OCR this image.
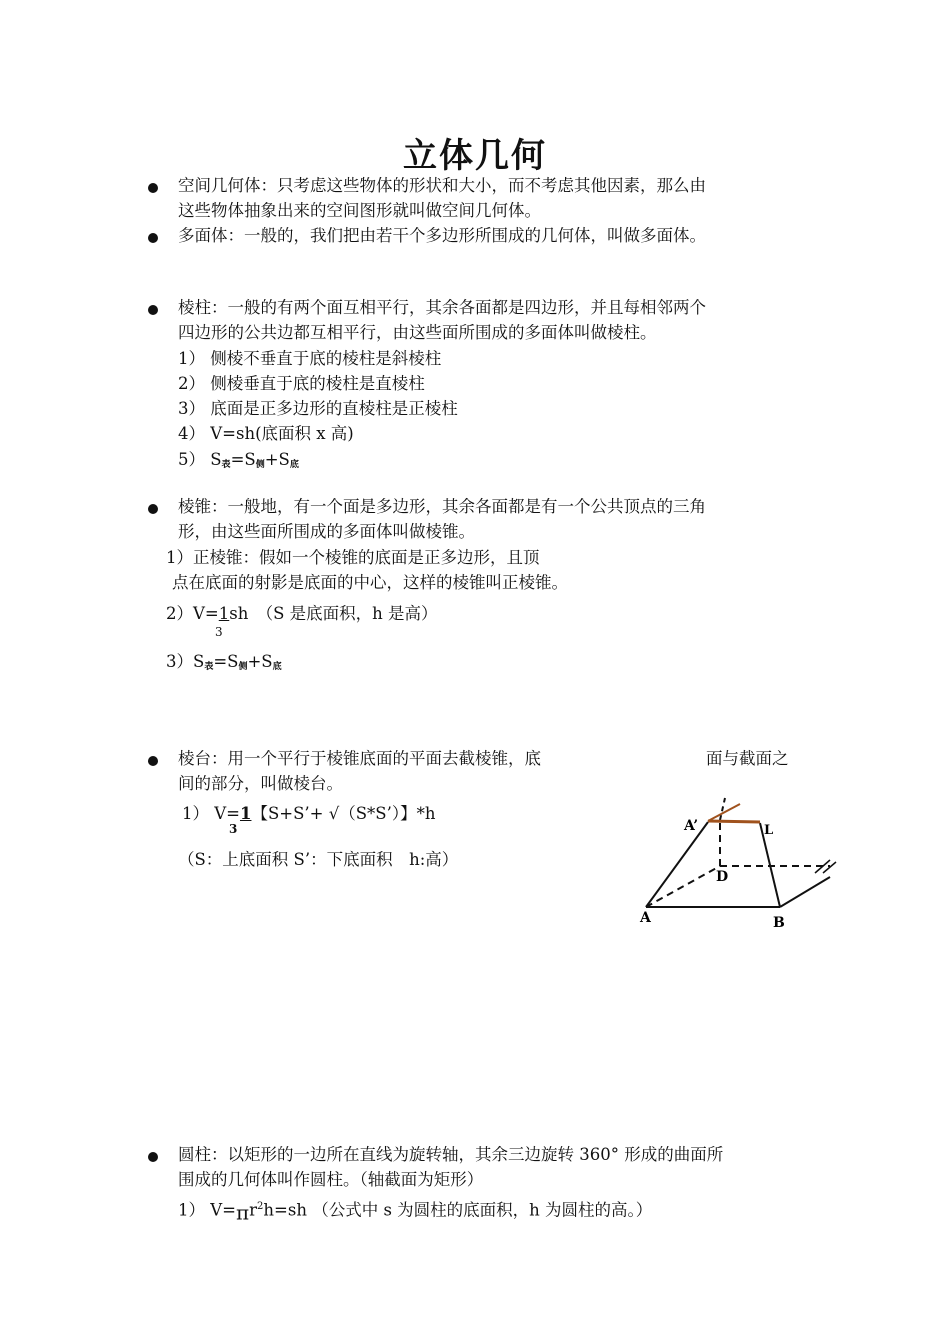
立体几何
空间几何体：只考虑这些物体的形状和大小，而不考虑其他因素，那么由
这些物体抽象出来的空间图形就叫做空间几何体。
多面体：一般的，我们把由若干个多边形所围成的几何体，叫做多面体。
棱柱：一般的有两个面互相平行，其余各面都是四边形，并且每相邻两个
四边形的公共边都互相平行，由这些面所围成的多面体叫做棱柱。
1） 侧棱不垂直于底的棱柱是斜棱柱
2） 侧棱垂直于底的棱柱是直棱柱
3） 底面是正多边形的直棱柱是正棱柱
4） V=sh(底面积 x 高)
5） $S_表=S_侧+S_底$
棱锥：一般地，有一个面是多边形，其余各面都是有一个公共顶点的三角
形，由这些面所围成的多面体叫做棱锥。
1）正棱锥：假如一个棱锥的底面是正多边形，且顶
点在底面的射影是底面的中心，这样的棱锥叫正棱锥。
2）V=1sh　（S 是底面积，h 是高）
3
$3)S_表=S_侧+S_底$
棱台：用一个平行于棱锥底面的平面去截棱锥，底	面与截面之
间的部分，叫做棱台。
1） V=1【S+S’+ √（S*S’）】*h
3
（S：上底面积 S’：下底面积　h:高）
A’	L
D
A	B
圆柱：以矩形的一边所在直线为旋转轴，其余三边旋转 360° 形成的曲面所
围成的几何体叫作圆柱。（轴截面为矩形）
1） $V=\pi r^2h=sh$ （公式中 s 为圆柱的底面积，h 为圆柱的高。）
